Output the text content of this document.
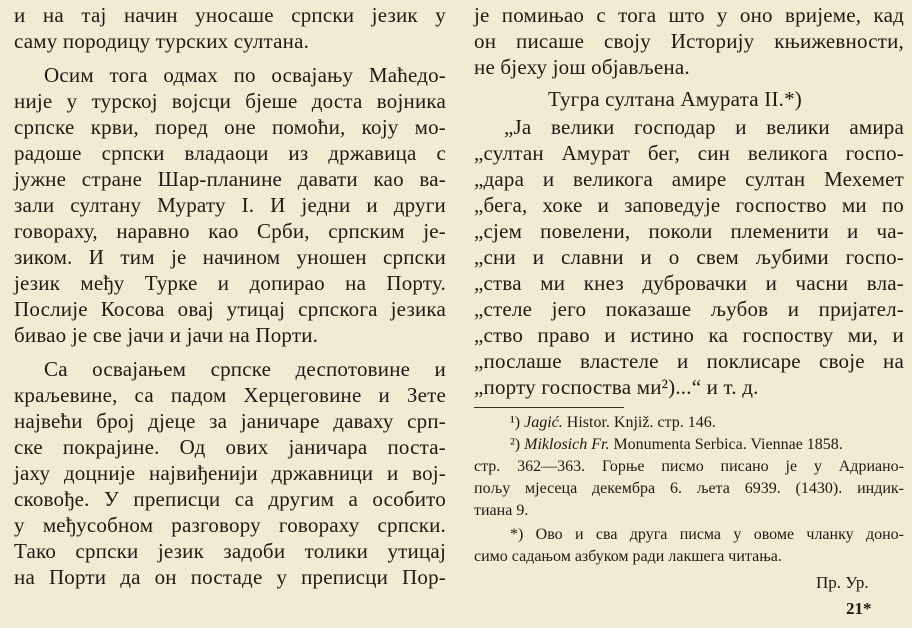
и на тај начин уносаше српски језик у
саму породицу турских султана.
Осим тога одмах по освајању Маћедо-
није у турској војсци бјеше доста војника
српске крви, поред оне помоћи, коју мо-
радоше српски владаоци из државица с
јужне стране Шар-планине давати као ва-
зали султану Мурату I. И једни и други
говораху, наравно као Срби, српским је-
зиком. И тим је начином уношен српски
језик међу Турке и допирао на Порту.
Послије Косова овај утицај српскога језика
бивао је све јачи и јачи на Порти.
Са освајањем српске деспотовине и
краљевине, са падом Херцеговине и Зете
највећи број дјеце за јаничаре даваху срп-
ске покрајине. Од ових јаничара поста-
јаху доцније највиђенији државници и вој-
сковође. У преписци са другим а особито
у међусобном разговору говораху српски.
Тако српски језик задоби толики утицај
на Порти да он постаде у преписци Пор-
је помињао с тога што у оно вријеме, кад
он писаше своју Историју књижевности,
не бјеху још објављена.
Тугра султана Амурата II.*)
„Ја велики господар и велики амира
„султан Амурат бег, син великога госпо-
„дара и великога амире султан Мехемет
„бега, хоке и заповедује госпоство ми по
„сјем повелени, поколи племенити и ча-
„сни и славни и о свем љубими госпо-
„ства ми кнез дубровачки и часни вла-
„стеле јего показаше љубов и пријател-
„ство право и истино ка госпоству ми, и
„послаше властеле и поклисаре своје на
„порту госпоства ми²)...“ и т. д.
¹) Jagić. Histor. Knjiž. стр. 146.
²) Miklosich Fr. Monumenta Serbica. Viennae 1858.
стр. 362—363. Горње писмо писано је у Адриано-
пољу мјесеца декембра 6. љета 6939. (1430). индик-
тиана 9.
*) Ово и сва друга писма у овоме чланку доно-
симо садањом азбуком ради лакшега читања.
Пр. Ур.
21*
